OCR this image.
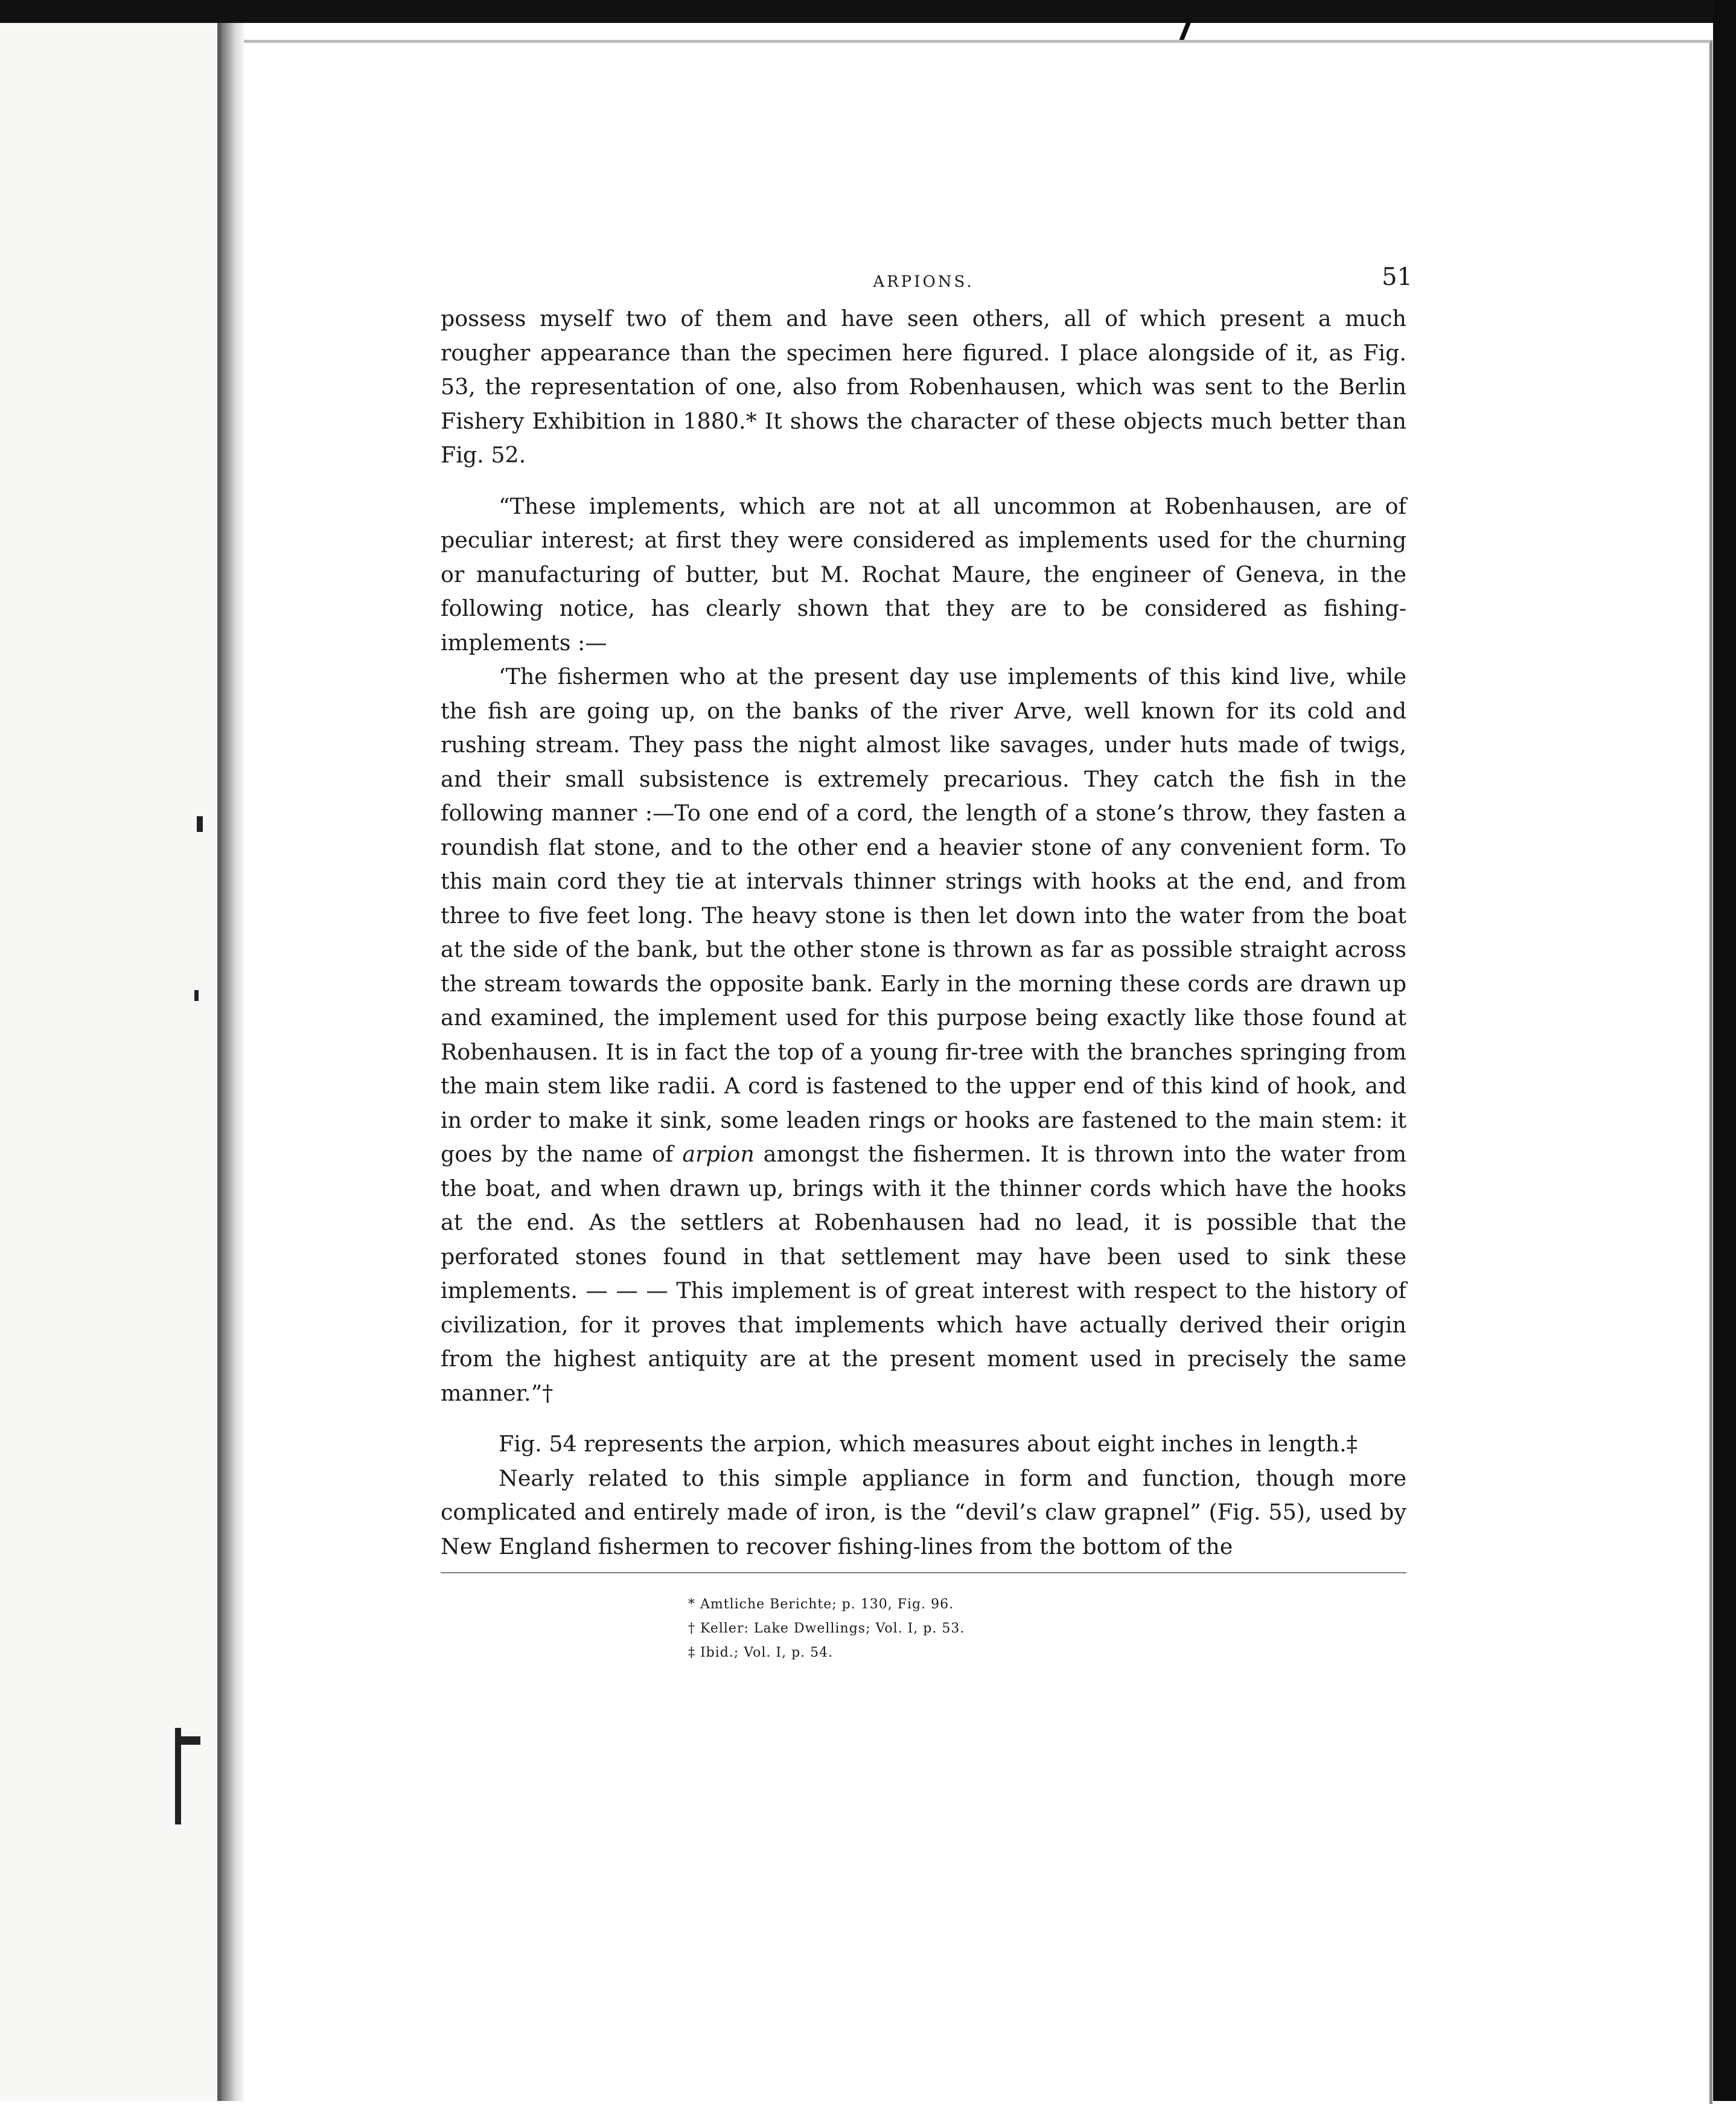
ARPIONS.	51

possess myself two of them and have seen others, all of which present a much rougher appearance than the specimen here figured. I place alongside of it, as Fig. 53, the representation of one, also from Robenhausen, which was sent to the Berlin Fishery Exhibition in 1880.* It shows the character of these objects much better than Fig. 52.

“These implements, which are not at all uncommon at Robenhausen, are of peculiar interest; at first they were considered as implements used for the churning or manufacturing of butter, but M. Rochat Maure, the engineer of Geneva, in the following notice, has clearly shown that they are to be considered as fishing-implements :—

‘The fishermen who at the present day use implements of this kind live, while the fish are going up, on the banks of the river Arve, well known for its cold and rushing stream. They pass the night almost like savages, under huts made of twigs, and their small subsistence is extremely precarious. They catch the fish in the following manner :—To one end of a cord, the length of a stone’s throw, they fasten a roundish flat stone, and to the other end a heavier stone of any convenient form. To this main cord they tie at intervals thinner strings with hooks at the end, and from three to five feet long. The heavy stone is then let down into the water from the boat at the side of the bank, but the other stone is thrown as far as possible straight across the stream towards the opposite bank. Early in the morning these cords are drawn up and examined, the implement used for this purpose being exactly like those found at Robenhausen. It is in fact the top of a young fir-tree with the branches springing from the main stem like radii. A cord is fastened to the upper end of this kind of hook, and in order to make it sink, some leaden rings or hooks are fastened to the main stem: it goes by the name of arpion amongst the fishermen. It is thrown into the water from the boat, and when drawn up, brings with it the thinner cords which have the hooks at the end. As the settlers at Robenhausen had no lead, it is possible that the perforated stones found in that settlement may have been used to sink these implements. — — — This implement is of great interest with respect to the history of civilization, for it proves that implements which have actually derived their origin from the highest antiquity are at the present moment used in precisely the same manner.”†

Fig. 54 represents the arpion, which measures about eight inches in length.‡

Nearly related to this simple appliance in form and function, though more complicated and entirely made of iron, is the “devil’s claw grapnel” (Fig. 55), used by New England fishermen to recover fishing-lines from the bottom of the

* Amtliche Berichte; p. 130, Fig. 96.
† Keller: Lake Dwellings; Vol. I, p. 53.
‡ Ibid.; Vol. I, p. 54.
